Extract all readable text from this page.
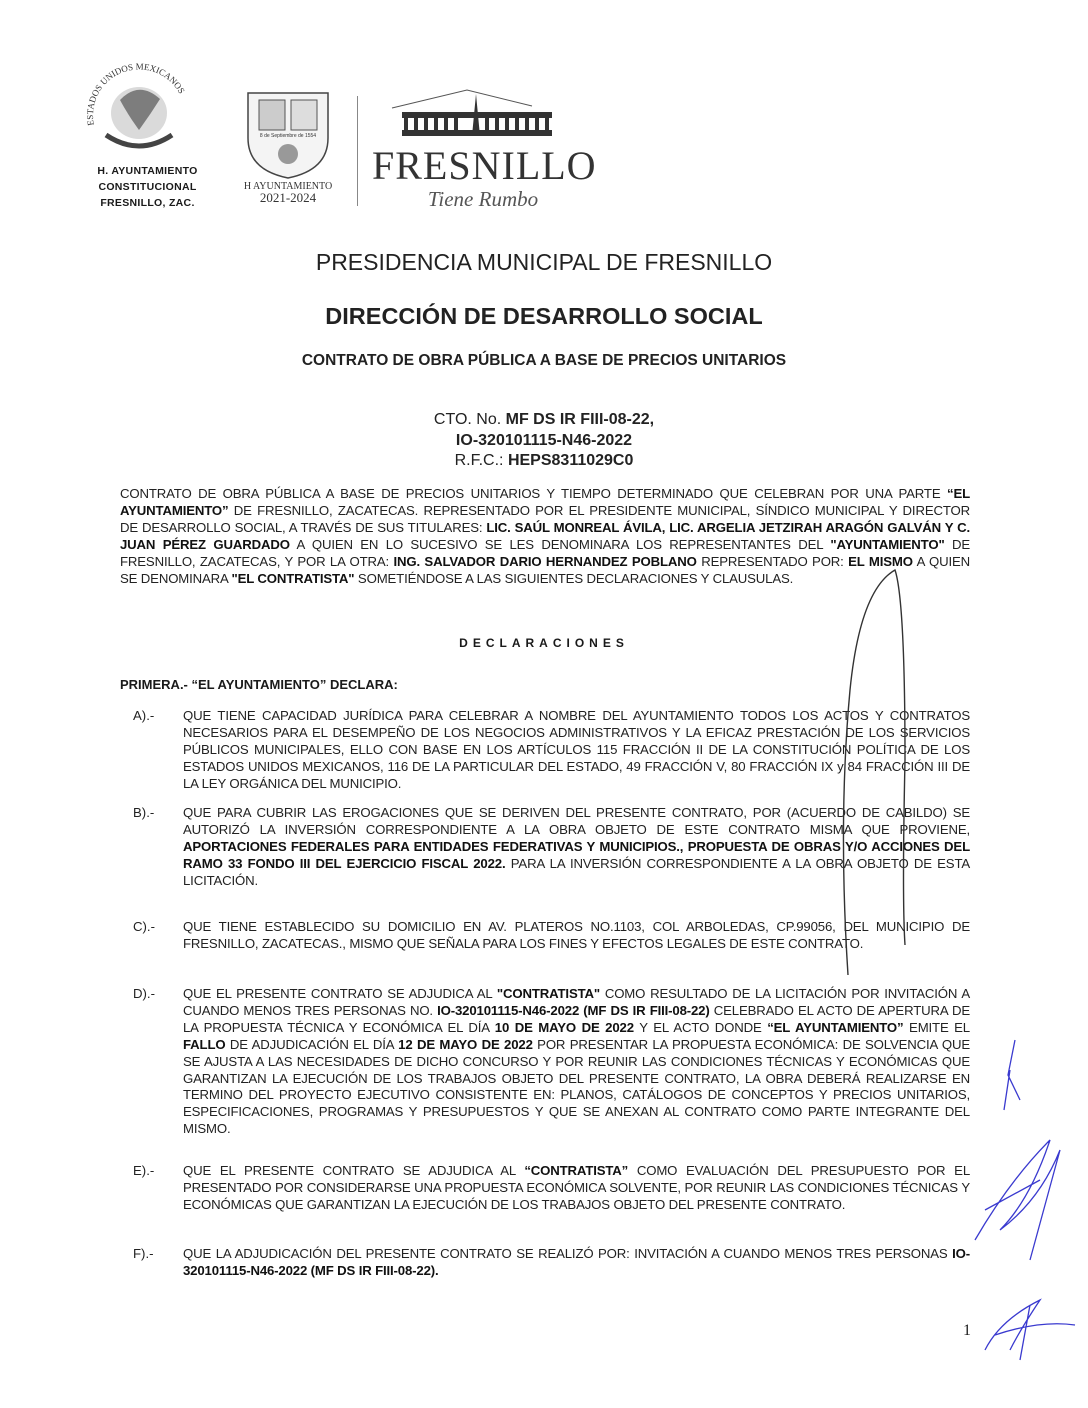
ESTADOS UNIDOS MEXICANOS
H. AYUNTAMIENTO
CONSTITUCIONAL
FRESNILLO, ZAC.
8 de Septiembre de 1554
H AYUNTAMIENTO
2021-2024
FRESNILLO
Tiene Rumbo
PRESIDENCIA MUNICIPAL DE FRESNILLO
DIRECCIÓN DE DESARROLLO SOCIAL
CONTRATO DE OBRA PÚBLICA A BASE DE PRECIOS UNITARIOS
CTO. No. MF DS IR FIII-08-22,
IO-320101115-N46-2022
R.F.C.: HEPS8311029C0
CONTRATO DE OBRA PÚBLICA A BASE DE PRECIOS UNITARIOS Y TIEMPO DETERMINADO QUE CELEBRAN POR UNA PARTE “EL AYUNTAMIENTO” DE FRESNILLO, ZACATECAS. REPRESENTADO POR EL PRESIDENTE MUNICIPAL, SÍNDICO MUNICIPAL Y DIRECTOR DE DESARROLLO SOCIAL, A TRAVÉS DE SUS TITULARES: LIC. SAÚL MONREAL ÁVILA, LIC. ARGELIA JETZIRAH ARAGÓN GALVÁN Y C. JUAN PÉREZ GUARDADO A QUIEN EN LO SUCESIVO SE LES DENOMINARA LOS REPRESENTANTES DEL "AYUNTAMIENTO" DE FRESNILLO, ZACATECAS, Y POR LA OTRA: ING. SALVADOR DARIO HERNANDEZ POBLANO REPRESENTADO POR: EL MISMO A QUIEN SE DENOMINARA "EL CONTRATISTA" SOMETIÉNDOSE A LAS SIGUIENTES DECLARACIONES Y CLAUSULAS.
DECLARACIONES
PRIMERA.- “EL AYUNTAMIENTO” DECLARA:
A).- QUE TIENE CAPACIDAD JURÍDICA PARA CELEBRAR A NOMBRE DEL AYUNTAMIENTO TODOS LOS ACTOS Y CONTRATOS NECESARIOS PARA EL DESEMPEÑO DE LOS NEGOCIOS ADMINISTRATIVOS Y LA EFICAZ PRESTACIÓN DE LOS SERVICIOS PÚBLICOS MUNICIPALES, ELLO CON BASE EN LOS ARTÍCULOS 115 FRACCIÓN II DE LA CONSTITUCIÓN POLÍTICA DE LOS ESTADOS UNIDOS MEXICANOS, 116 DE LA PARTICULAR DEL ESTADO, 49 FRACCIÓN V, 80 FRACCIÓN IX y 84 FRACCIÓN III DE LA LEY ORGÁNICA DEL MUNICIPIO.
B).- QUE PARA CUBRIR LAS EROGACIONES QUE SE DERIVEN DEL PRESENTE CONTRATO, POR (ACUERDO DE CABILDO) SE AUTORIZÓ LA INVERSIÓN CORRESPONDIENTE A LA OBRA OBJETO DE ESTE CONTRATO MISMA QUE PROVIENE, APORTACIONES FEDERALES PARA ENTIDADES FEDERATIVAS Y MUNICIPIOS., PROPUESTA DE OBRAS Y/O ACCIONES DEL RAMO 33 FONDO III DEL EJERCICIO FISCAL 2022. PARA LA INVERSIÓN CORRESPONDIENTE A LA OBRA OBJETO DE ESTA LICITACIÓN.
C).- QUE TIENE ESTABLECIDO SU DOMICILIO EN AV. PLATEROS NO.1103, COL ARBOLEDAS, CP.99056, DEL MUNICIPIO DE FRESNILLO, ZACATECAS., MISMO QUE SEÑALA PARA LOS FINES Y EFECTOS LEGALES DE ESTE CONTRATO.
D).- QUE EL PRESENTE CONTRATO SE ADJUDICA AL "CONTRATISTA" COMO RESULTADO DE LA LICITACIÓN POR INVITACIÓN A CUANDO MENOS TRES PERSONAS NO. IO-320101115-N46-2022 (MF DS IR FIII-08-22) CELEBRADO EL ACTO DE APERTURA DE LA PROPUESTA TÉCNICA Y ECONÓMICA EL DÍA 10 DE MAYO DE 2022 Y EL ACTO DONDE “EL AYUNTAMIENTO” EMITE EL FALLO DE ADJUDICACIÓN EL DÍA 12 DE MAYO DE 2022 POR PRESENTAR LA PROPUESTA ECONÓMICA: DE SOLVENCIA QUE SE AJUSTA A LAS NECESIDADES DE DICHO CONCURSO Y POR REUNIR LAS CONDICIONES TÉCNICAS Y ECONÓMICAS QUE GARANTIZAN LA EJECUCIÓN DE LOS TRABAJOS OBJETO DEL PRESENTE CONTRATO, LA OBRA DEBERÁ REALIZARSE EN TERMINO DEL PROYECTO EJECUTIVO CONSISTENTE EN: PLANOS, CATÁLOGOS DE CONCEPTOS Y PRECIOS UNITARIOS, ESPECIFICACIONES, PROGRAMAS Y PRESUPUESTOS Y QUE SE ANEXAN AL CONTRATO COMO PARTE INTEGRANTE DEL MISMO.
E).- QUE EL PRESENTE CONTRATO SE ADJUDICA AL “CONTRATISTA” COMO EVALUACIÓN DEL PRESUPUESTO POR EL PRESENTADO POR CONSIDERARSE UNA PROPUESTA ECONÓMICA SOLVENTE, POR REUNIR LAS CONDICIONES TÉCNICAS Y ECONÓMICAS QUE GARANTIZAN LA EJECUCIÓN DE LOS TRABAJOS OBJETO DEL PRESENTE CONTRATO.
F).- QUE LA ADJUDICACIÓN DEL PRESENTE CONTRATO SE REALIZÓ POR: INVITACIÓN A CUANDO MENOS TRES PERSONAS IO-320101115-N46-2022 (MF DS IR FIII-08-22).
1
